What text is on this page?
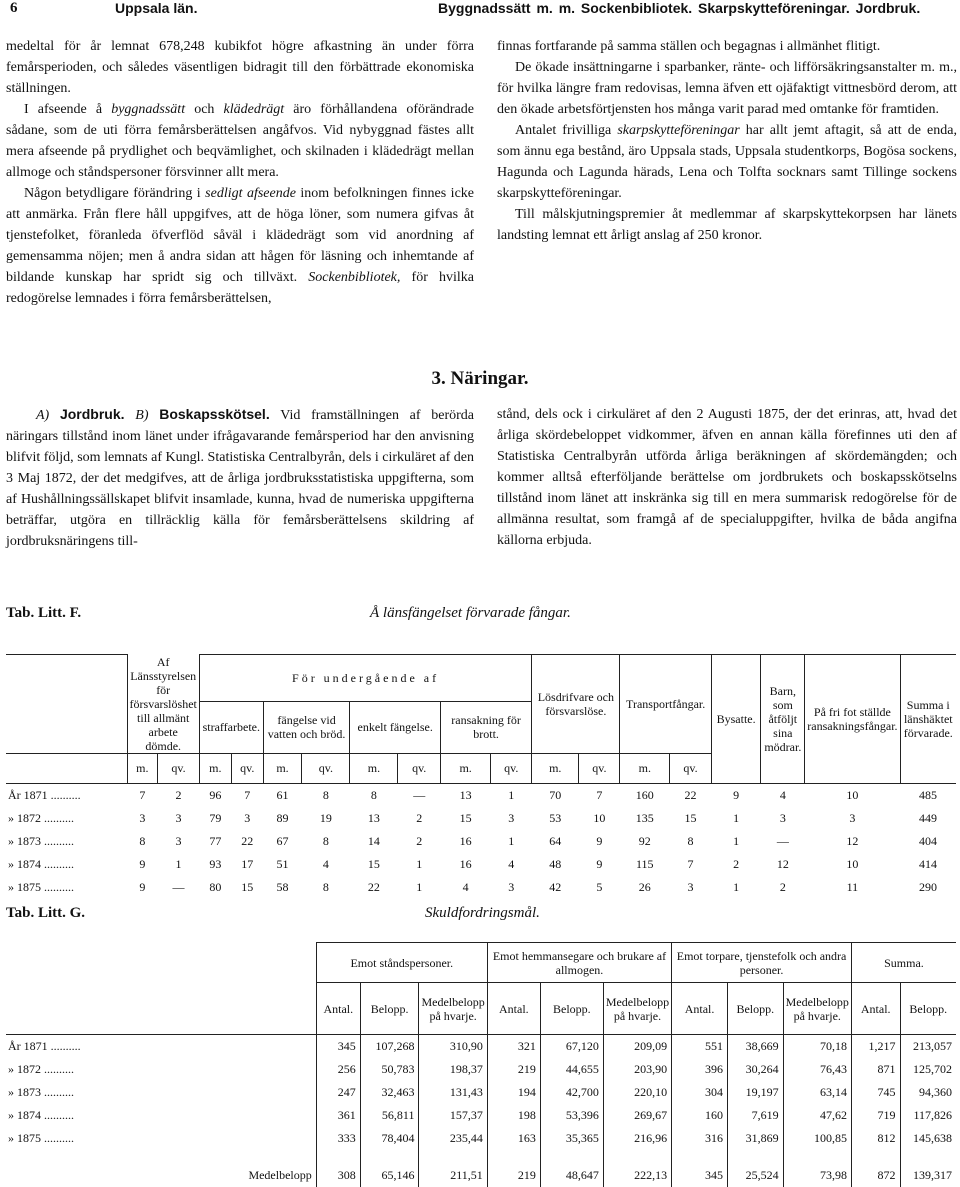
6	Uppsala län.	Byggnadssätt m. m. Sockenbibliotek. Skarpskytteföreningar. Jordbruk.

medeltal för år lemnat 678,248 kubikfot högre afkastning än under förra femårsperioden, och således väsentligen bidragit till den förbättrade ekonomiska ställningen.

I afseende å byggnadssätt och klädedrägt äro förhållandena oförändrade sådane, som de uti förra femårsberättelsen angåfvos. Vid nybyggnad fästes allt mera afseende på prydlighet och beqvämlighet, och skilnaden i klädedrägt mellan allmoge och ståndspersoner försvinner allt mera.

Någon betydligare förändring i sedligt afseende inom befolkningen finnes icke att anmärka. Från flere håll uppgifves, att de höga löner, som numera gifvas åt tjenstefolket, föranleda öfverflöd såväl i klädedrägt som vid anordning af gemensamma nöjen; men å andra sidan att hågen för läsning och inhemtande af bildande kunskap har spridt sig och tillväxt. Sockenbibliotek, för hvilka redogörelse lemnades i förra femårsberättelsen,

finnas fortfarande på samma ställen och begagnas i allmänhet flitigt.

De ökade insättningarne i sparbanker, ränte- och lifförsäkringsanstalter m. m., för hvilka längre fram redovisas, lemna äfven ett ojäfaktigt vittnesbörd derom, att den ökade arbetsförtjensten hos många varit parad med omtanke för framtiden.

Antalet frivilliga skarpskytteföreningar har allt jemt aftagit, så att de enda, som ännu ega bestånd, äro Uppsala stads, Uppsala studentkorps, Bogösa sockens, Hagunda och Lagunda härads, Lena och Tolfta socknars samt Tillinge sockens skarpskytteföreningar.

Till målskjutningspremier åt medlemmar af skarpskyttekorpsen har länets landsting lemnat ett årligt anslag af 250 kronor.

3. Näringar.

A) Jordbruk. B) Boskapsskötsel. Vid framställningen af berörda näringars tillstånd inom länet under ifrågavarande femårsperiod har den anvisning blifvit följd, som lemnats af Kungl. Statistiska Centralbyrån, dels i cirkuläret af den 3 Maj 1872, der det medgifves, att de årliga jordbruksstatistiska uppgifterna, som af Hushållningssällskapet blifvit insamlade, kunna, hvad de numeriska uppgifterna beträffar, utgöra en tillräcklig källa för femårsberättelsens skildring af jordbruksnäringens till-

stånd, dels ock i cirkuläret af den 2 Augusti 1875, der det erinras, att, hvad det årliga skördebeloppet vidkommer, äfven en annan källa förefinnes uti den af Statistiska Centralbyrån utförda årliga beräkningen af skördemängden; och kommer alltså efterföljande berättelse om jordbrukets och boskapsskötselns tillstånd inom länet att inskränka sig till en mera summarisk redogörelse för de allmänna resultat, som framgå af de specialuppgifter, hvilka de båda angifna källorna erbjuda.

Tab. Litt. F.	Å länsfängelset förvarade fångar.
	Af Länsstyrelsen för försvarslöshet till allmänt arbete dömde.		För undergående af								Lösdrifvare och försvarslöse.		Transportfångar.		Bysatte.	Barn, som åtföljt sina mödrar.	På fri fot ställde ransakningsfångar.	Summa i länshäktet förvarade.
			straffarbete.		fängelse vid vatten och bröd.		enkelt fängelse.		ransakning för brott.									
	m.	qv.	m.	qv.	m.	qv.	m.	qv.	m.	qv.	m.	qv.	m.	qv.				
År 1871 ..........	7	2	96	7	61	8	8	—	13	1	70	7	160	22	9	4	10	485
» 1872 ..........	3	3	79	3	89	19	13	2	15	3	53	10	135	15	1	3	3	449
» 1873 ..........	8	3	77	22	67	8	14	2	16	1	64	9	92	8	1	—	12	404
» 1874 ..........	9	1	93	17	51	4	15	1	16	4	48	9	115	7	2	12	10	414
» 1875 ..........	9	—	80	15	58	8	22	1	4	3	42	5	26	3	1	2	11	290
Tab. Litt. G.	Skuldfordringsmål.
	Emot ståndspersoner.			Emot hemmansegare och brukare af allmogen.			Emot torpare, tjenstefolk och andra personer.			Summa.	
	Antal.	Belopp.	Medelbelopp på hvarje.	Antal.	Belopp.	Medelbelopp på hvarje.	Antal.	Belopp.	Medelbelopp på hvarje.	Antal.	Belopp.
År 1871 ..........	345	107,268	310,90	321	67,120	209,09	551	38,669	70,18	1,217	213,057
» 1872 ..........	256	50,783	198,37	219	44,655	203,90	396	30,264	76,43	871	125,702
» 1873 ..........	247	32,463	131,43	194	42,700	220,10	304	19,197	63,14	745	94,360
» 1874 ..........	361	56,811	157,37	198	53,396	269,67	160	7,619	47,62	719	117,826
» 1875 ..........	333	78,404	235,44	163	35,365	216,96	316	31,869	100,85	812	145,638

Medelbelopp	308	65,146	211,51	219	48,647	222,13	345	25,524	73,98	872	139,317
